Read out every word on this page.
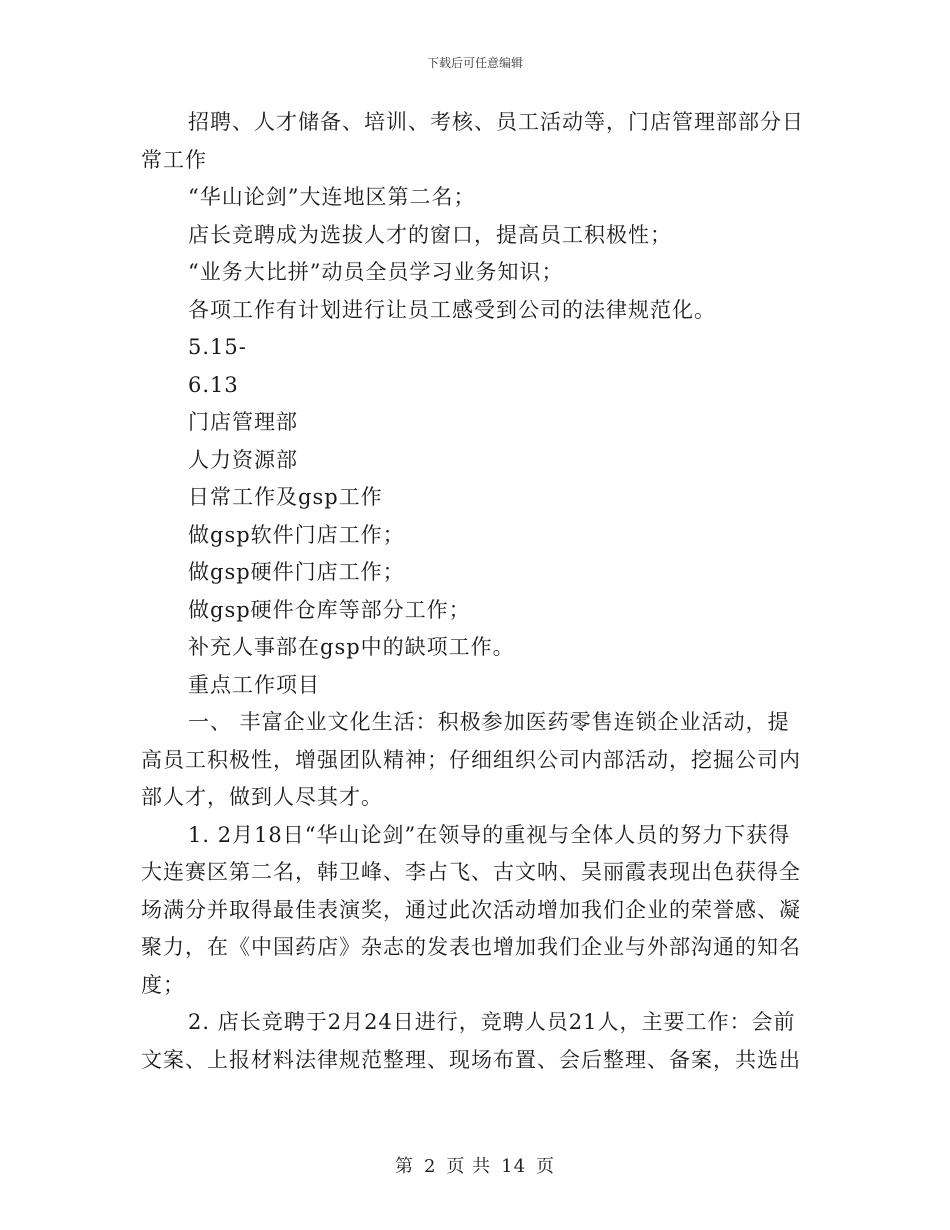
下载后可任意编辑

招聘、人才储备、培训、考核、员工活动等，门店管理部部分日常工作

“华山论剑”大连地区第二名；

店长竞聘成为选拔人才的窗口，提高员工积极性；

“业务大比拼”动员全员学习业务知识；

各项工作有计划进行让员工感受到公司的法律规范化。

5.15-

6.13

门店管理部

人力资源部

日常工作及gsp工作

做gsp软件门店工作；

做gsp硬件门店工作；

做gsp硬件仓库等部分工作；

补充人事部在gsp中的缺项工作。

重点工作项目

一、 丰富企业文化生活：积极参加医药零售连锁企业活动，提高员工积极性，增强团队精神；仔细组织公司内部活动，挖掘公司内部人才，做到人尽其才。

1. 2月18日“华山论剑”在领导的重视与全体人员的努力下获得大连赛区第二名，韩卫峰、李占飞、古文呐、吴丽霞表现出色获得全场满分并取得最佳表演奖，通过此次活动增加我们企业的荣誉感、凝聚力，在《中国药店》杂志的发表也增加我们企业与外部沟通的知名度；

2. 店长竞聘于2月24日进行，竞聘人员21人，主要工作：会前文案、上报材料法律规范整理、现场布置、会后整理、备案，共选出

第 2 页 共 14 页
